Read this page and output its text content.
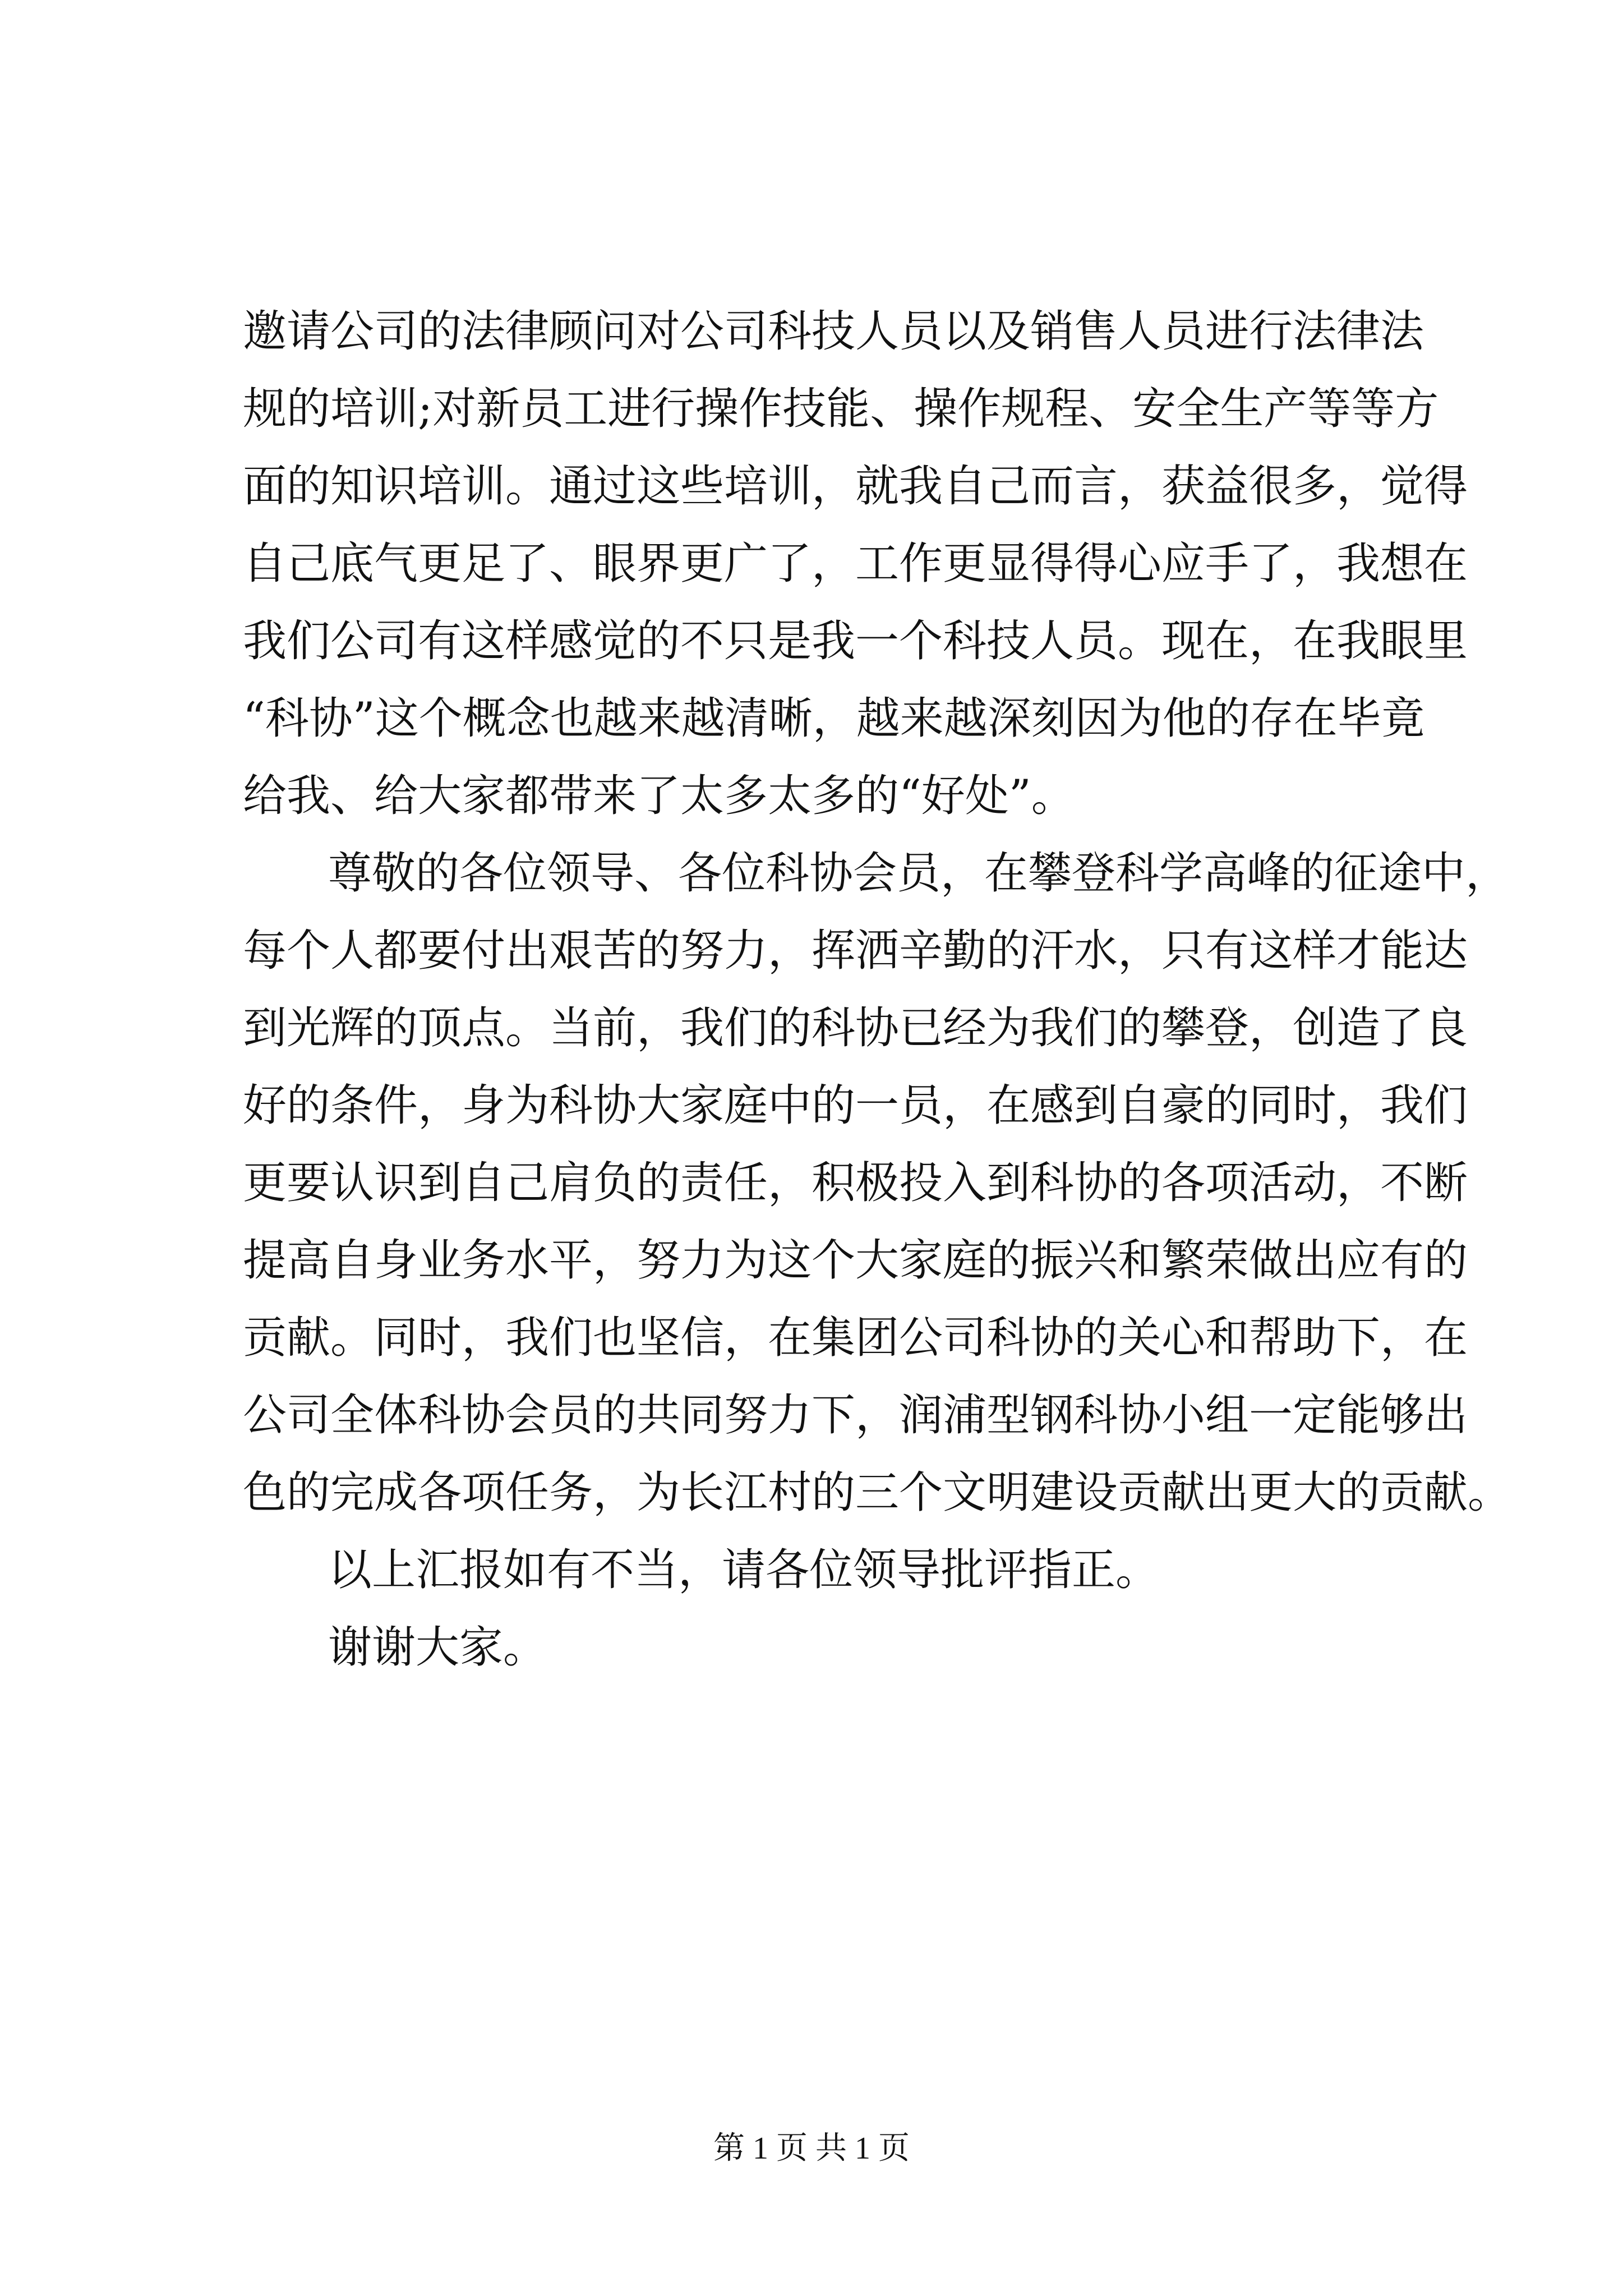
邀请公司的法律顾问对公司科技人员以及销售人员进行法律法
规的培训;对新员工进行操作技能、操作规程、安全生产等等方
面的知识培训。通过这些培训，就我自己而言，获益很多，觉得
自己底气更足了、眼界更广了，工作更显得得心应手了，我想在
我们公司有这样感觉的不只是我一个科技人员。现在，在我眼里
“科协”这个概念也越来越清晰，越来越深刻因为他的存在毕竟
给我、给大家都带来了太多太多的“好处”。
尊敬的各位领导、各位科协会员，在攀登科学高峰的征途中，
每个人都要付出艰苦的努力，挥洒辛勤的汗水，只有这样才能达
到光辉的顶点。当前，我们的科协已经为我们的攀登，创造了良
好的条件，身为科协大家庭中的一员，在感到自豪的同时，我们
更要认识到自己肩负的责任，积极投入到科协的各项活动，不断
提高自身业务水平，努力为这个大家庭的振兴和繁荣做出应有的
贡献。同时，我们也坚信，在集团公司科协的关心和帮助下，在
公司全体科协会员的共同努力下，润浦型钢科协小组一定能够出
色的完成各项任务，为长江村的三个文明建设贡献出更大的贡献。
以上汇报如有不当，请各位领导批评指正。
谢谢大家。
第 1 页 共 1 页
